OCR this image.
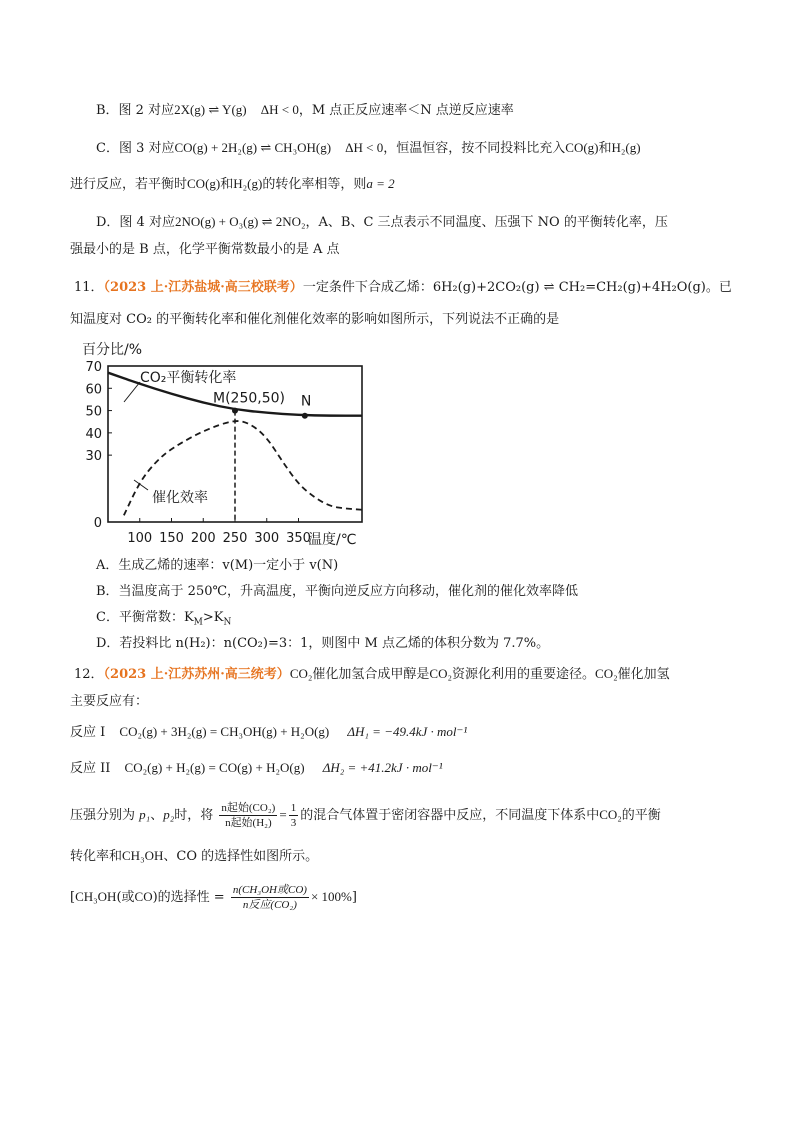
B．图 2 对应2X(g) ⇌ Y(g) ΔH < 0，M 点正反应速率＜N 点逆反应速率
C．图 3 对应CO(g) + 2H₂(g) ⇌ CH₃OH(g) ΔH < 0，恒温恒容，按不同投料比充入CO(g)和H₂(g)
进行反应，若平衡时CO(g)和H₂(g)的转化率相等，则a = 2
D．图 4 对应2NO(g) + O₃(g) ⇌ 2NO₂，A、B、C 三点表示不同温度、压强下 NO 的平衡转化率，压
强最小的是 B 点，化学平衡常数最小的是 A 点
11．（2023 上·江苏盐城·高三校联考）一定条件下合成乙烯：6H₂(g)+2CO₂(g) ⇌ CH₂=CH₂(g)+4H₂O(g)。已
知温度对 CO₂ 的平衡转化率和催化剂催化效率的影响如图所示，下列说法不正确的是
百分比/%
温度/℃
0
30
40
50
60
70
100 150 200 250 300 350
M(250,50) N
CO₂平衡转化率
催化效率
A．生成乙烯的速率：v(M)一定小于 v(N)
B．当温度高于 250℃，升高温度，平衡向逆反应方向移动，催化剂的催化效率降低
C．平衡常数：$K_M>K_N$
D．若投料比 n(H₂)：n(CO₂)=3：1，则图中 M 点乙烯的体积分数为 7.7%。
12．（2023 上·江苏苏州·高三统考）CO₂催化加氢合成甲醇是CO₂资源化利用的重要途径。CO₂催化加氢
主要反应有：
反应 I CO₂(g) + 3H₂(g) = CH₃OH(g) + H₂O(g) ΔH₁ = −49.4kJ · mol⁻¹
反应 II CO₂(g) + H₂(g) = CO(g) + H₂O(g) ΔH₂ = +41.2kJ · mol⁻¹
压强分别为 p₁、p₂时，将 $\frac{\text{n起始(CO₂)}}{\text{n起始(H₂)}} = \frac{1}{3}$ 的混合气体置于密闭容器中反应，不同温度下体系中CO₂的平衡
转化率和CH₃OH、CO 的选择性如图所示。
[CH₃OH(或CO)的选择性 = $\frac{\text{n(CH₃OH或CO)}}{\text{n反应(CO₂)}} \times 100\%$]
